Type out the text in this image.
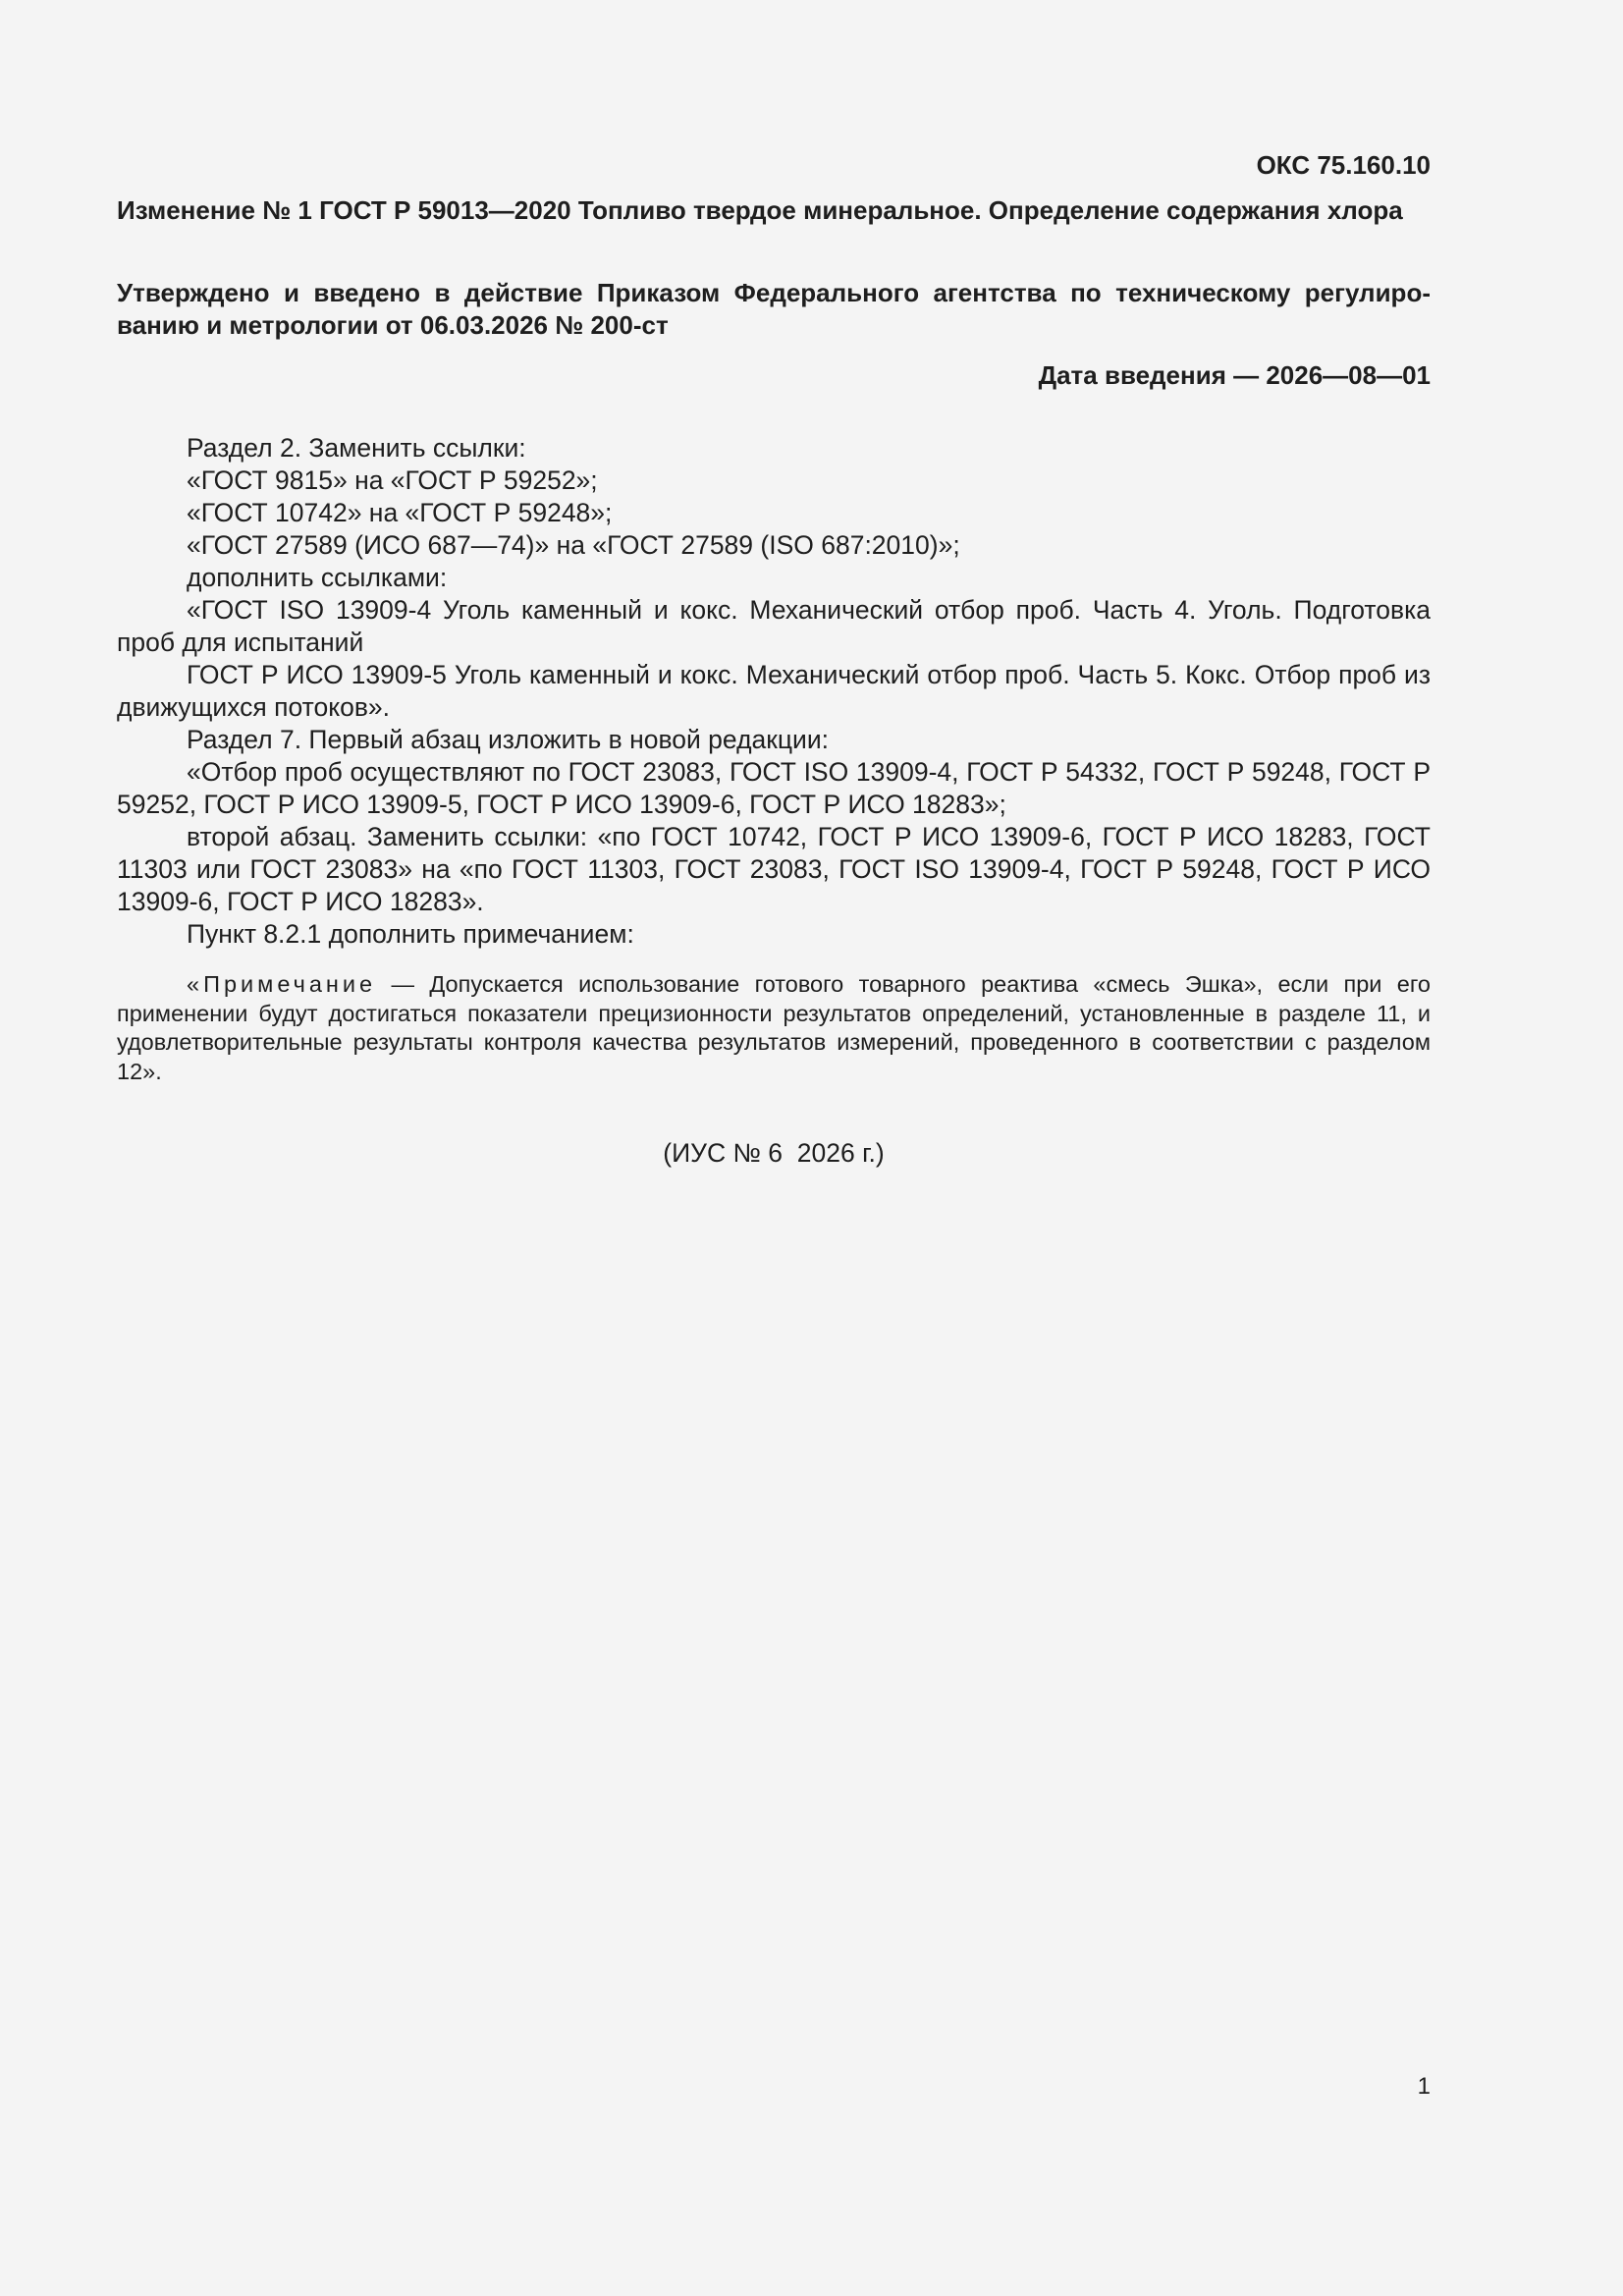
ОКС 75.160.10
Изменение № 1 ГОСТ Р 59013—2020 Топливо твердое минеральное. Определение содержания хлора
Утверждено и введено в действие Приказом Федерального агентства по техническому регулированию и метрологии от 06.03.2026 № 200-ст
Дата введения — 2026—08—01

Раздел 2. Заменить ссылки:

«ГОСТ 9815» на «ГОСТ Р 59252»;

«ГОСТ 10742» на «ГОСТ Р 59248»;

«ГОСТ 27589 (ИСО 687—74)» на «ГОСТ 27589 (ISO 687:2010)»;

дополнить ссылками:

«ГОСТ ISO 13909-4 Уголь каменный и кокс. Механический отбор проб. Часть 4. Уголь. Подготовка проб для испытаний

ГОСТ Р ИСО 13909-5 Уголь каменный и кокс. Механический отбор проб. Часть 5. Кокс. Отбор проб из движущихся потоков».

Раздел 7. Первый абзац изложить в новой редакции:

«Отбор проб осуществляют по ГОСТ 23083, ГОСТ ISO 13909-4, ГОСТ Р 54332, ГОСТ Р 59248, ГОСТ Р 59252, ГОСТ Р ИСО 13909-5, ГОСТ Р ИСО 13909-6, ГОСТ Р ИСО 18283»;

второй абзац. Заменить ссылки: «по ГОСТ 10742, ГОСТ Р ИСО 13909-6, ГОСТ Р ИСО 18283, ГОСТ 11303 или ГОСТ 23083» на «по ГОСТ 11303, ГОСТ 23083, ГОСТ ISO 13909-4, ГОСТ Р 59248, ГОСТ Р ИСО 13909-6, ГОСТ Р ИСО 18283».

Пункт 8.2.1 дополнить примечанием:

«Примечание — Допускается использование готового товарного реактива «смесь Эшка», если при его применении будут достигаться показатели прецизионности результатов определений, установленные в разделе 11, и удовлетворительные результаты контроля качества результатов измерений, проведенного в соответствии с разделом 12».

(ИУС № 6  2026 г.)
1
